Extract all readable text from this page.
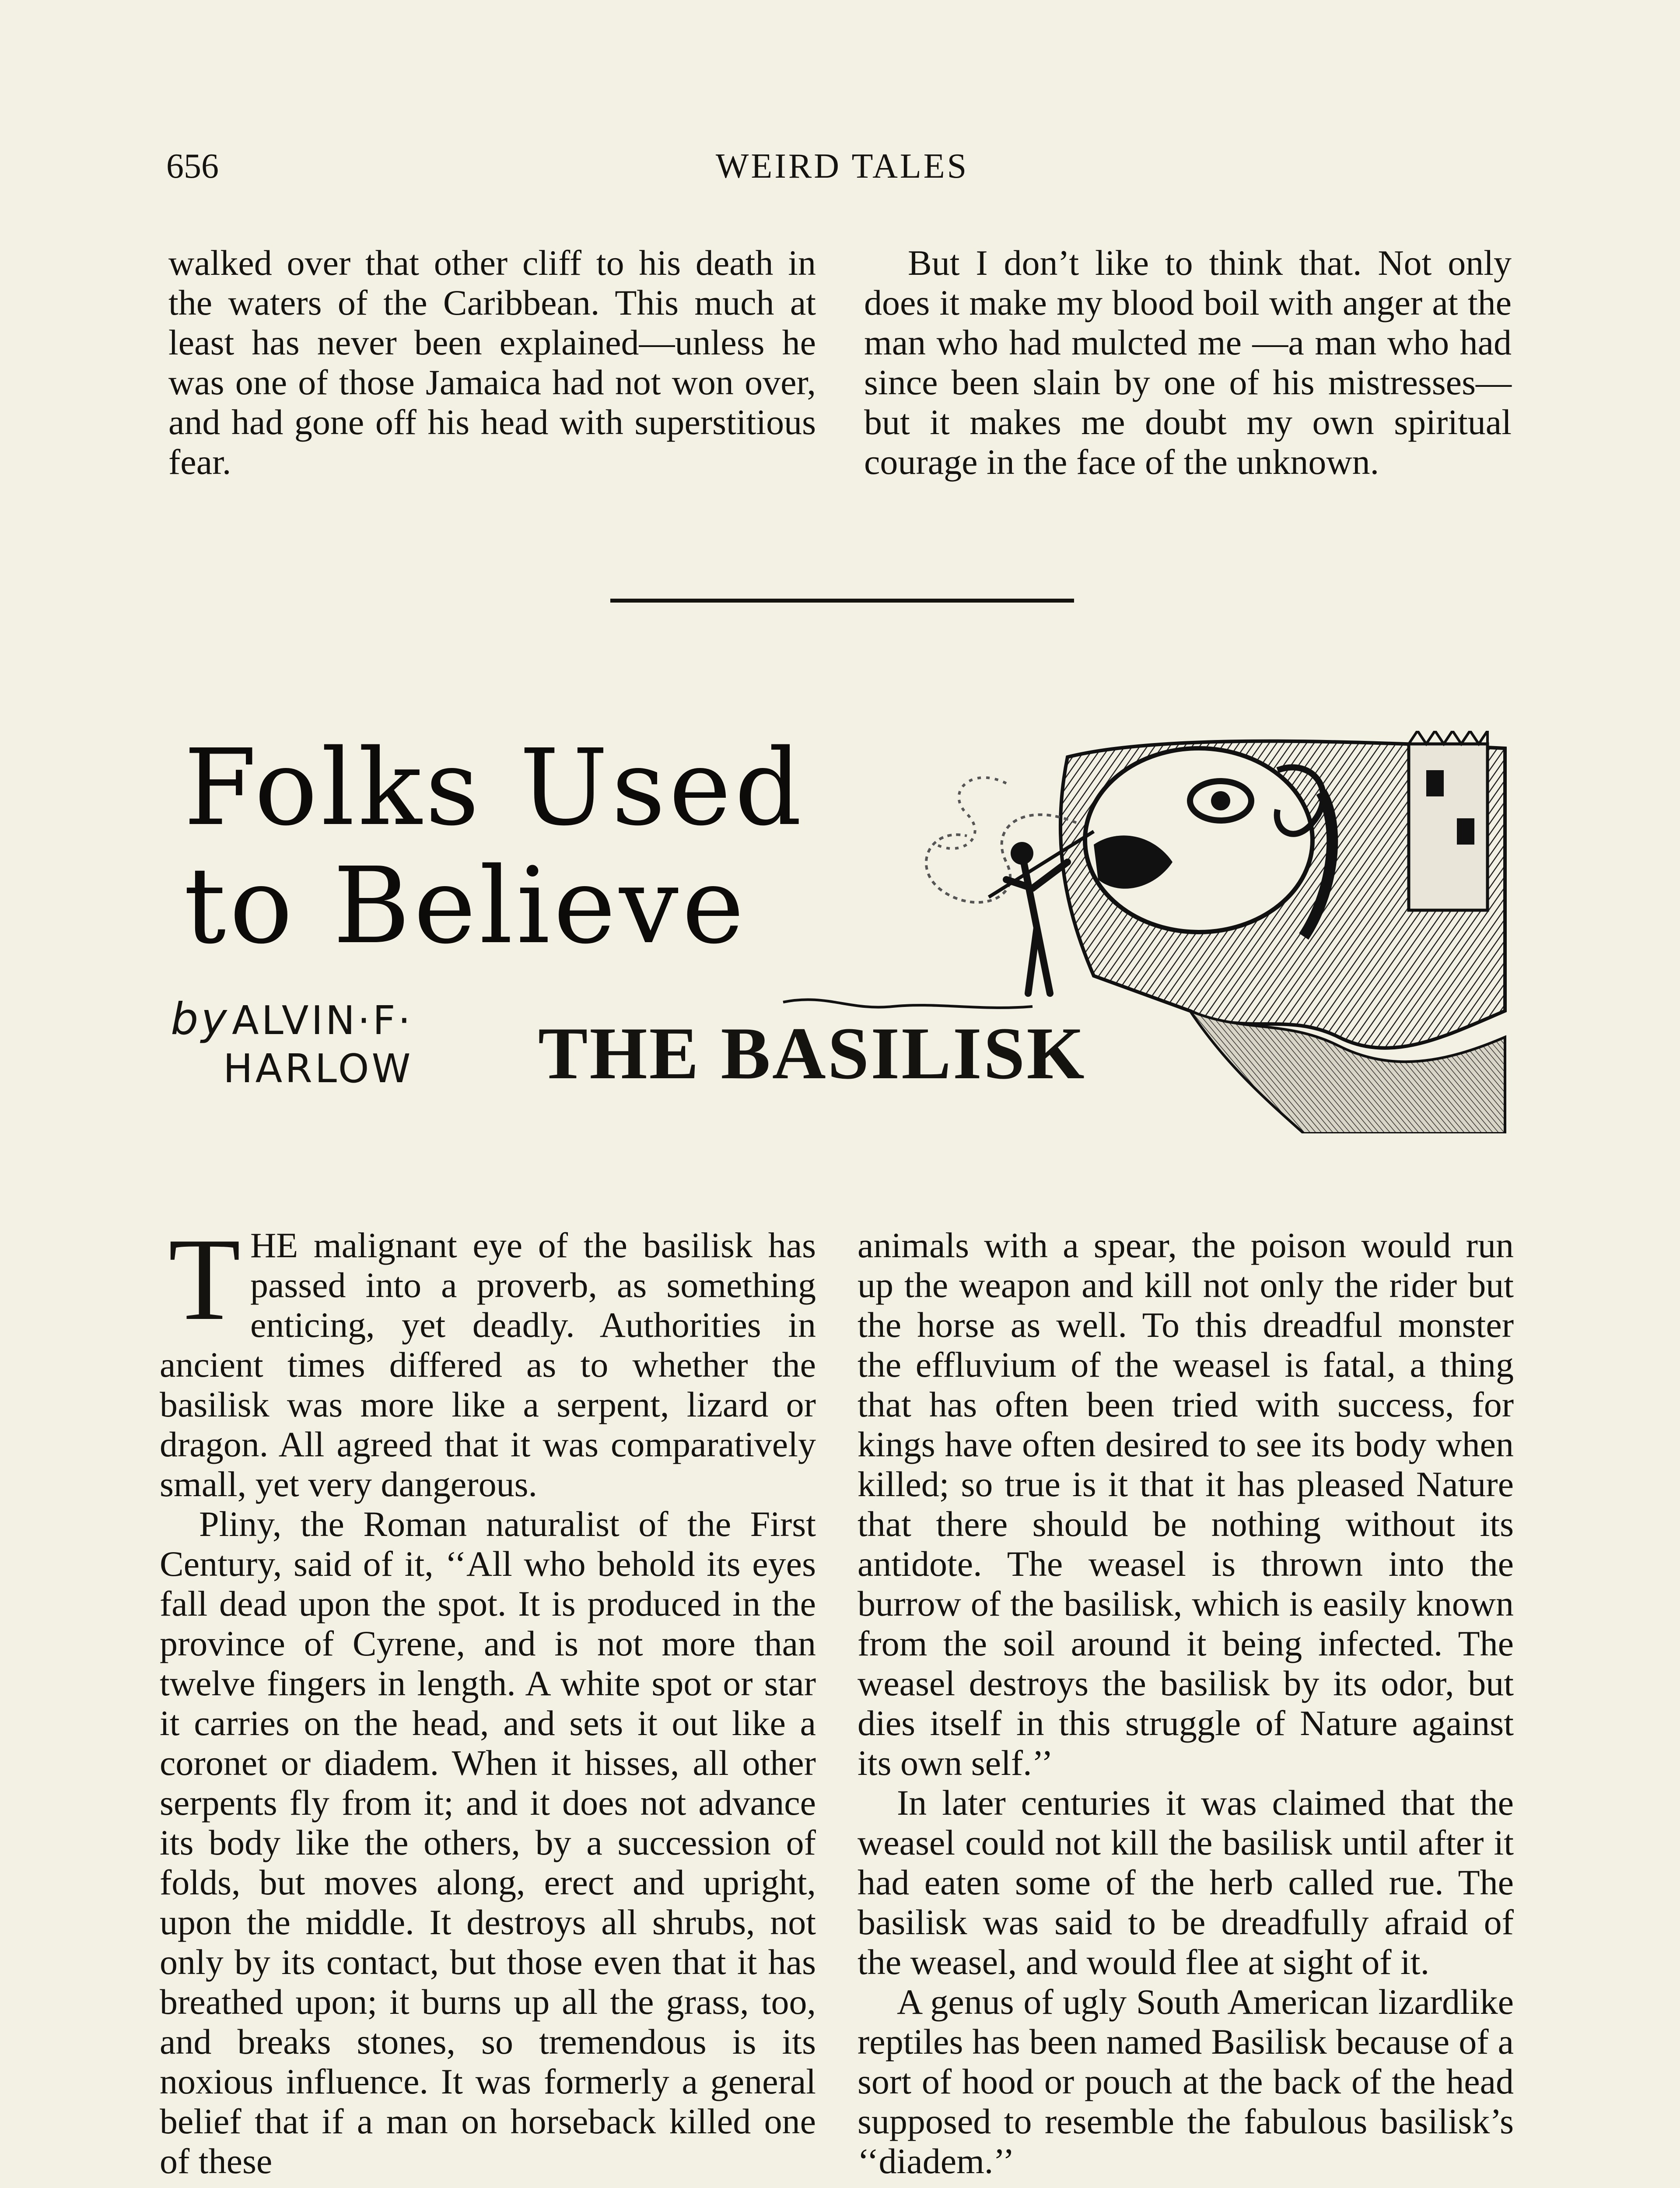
656	WEIRD TALES

walked over that other cliff to his death in the waters of the Caribbean. This much at least has never been explained—unless he was one of those Jamaica had not won over, and had gone off his head with superstitious fear.

But I don’t like to think that. Not only does it make my blood boil with anger at the man who had mulcted me —a man who had since been slain by one of his mistresses—but it makes me doubt my own spiritual courage in the face of the unknown.

Folks Used
to Believe
by ALVIN·F·
HARLOW THE BASILISK

THE malignant eye of the basilisk has passed into a proverb, as something enticing, yet deadly. Authorities in ancient times differed as to whether the basilisk was more like a serpent, lizard or dragon. All agreed that it was comparatively small, yet very dangerous.

Pliny, the Roman naturalist of the First Century, said of it, ‘‘All who behold its eyes fall dead upon the spot. It is produced in the province of Cyrene, and is not more than twelve fingers in length. A white spot or star it carries on the head, and sets it out like a coronet or diadem. When it hisses, all other serpents fly from it; and it does not advance its body like the others, by a succession of folds, but moves along, erect and upright, upon the middle. It destroys all shrubs, not only by its contact, but those even that it has breathed upon; it burns up all the grass, too, and breaks stones, so tremendous is its noxious influence. It was formerly a general belief that if a man on horseback killed one of these

animals with a spear, the poison would run up the weapon and kill not only the rider but the horse as well. To this dreadful monster the effluvium of the weasel is fatal, a thing that has often been tried with success, for kings have often desired to see its body when killed; so true is it that it has pleased Nature that there should be nothing without its antidote. The weasel is thrown into the burrow of the basilisk, which is easily known from the soil around it being infected. The weasel destroys the basilisk by its odor, but dies itself in this struggle of Nature against its own self.’’

In later centuries it was claimed that the weasel could not kill the basilisk until after it had eaten some of the herb called rue. The basilisk was said to be dreadfully afraid of the weasel, and would flee at sight of it.

A genus of ugly South American lizardlike reptiles has been named Basilisk because of a sort of hood or pouch at the back of the head supposed to resemble the fabulous basilisk’s ‘‘diadem.’’
